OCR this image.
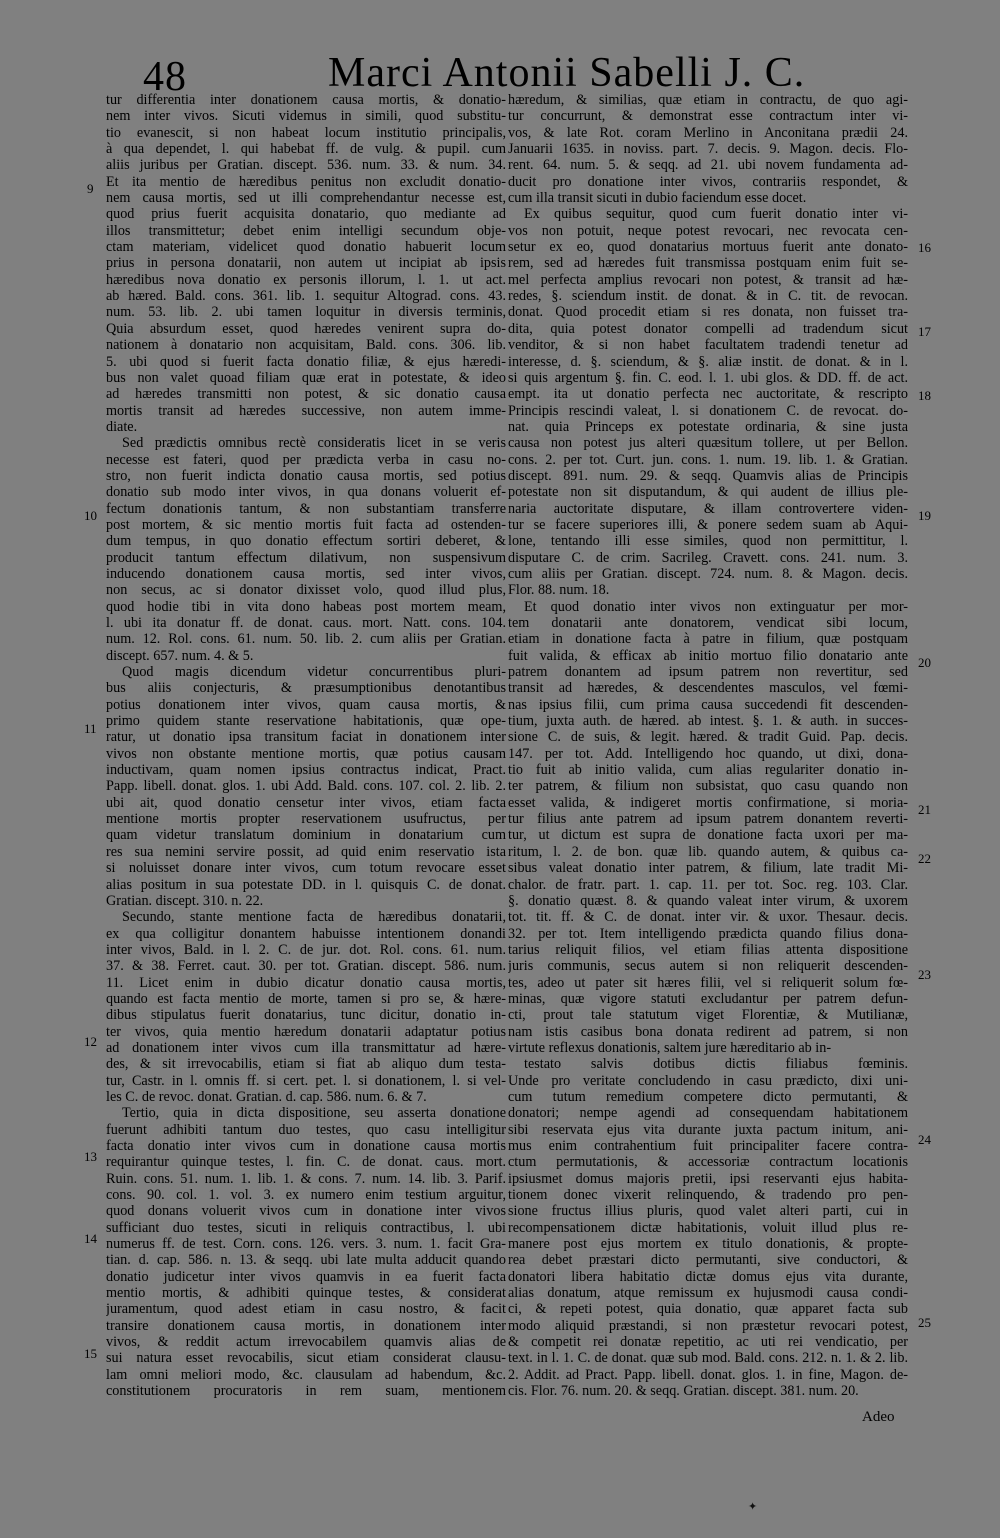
48	Marci Antonii Sabelli J. C.
tur differentia inter donationem causa mortis, & donatio-
nem inter vivos. Sicuti videmus in simili, quod substitu-
tio evanescit, si non habeat locum institutio principalis,
à qua dependet, l. qui habebat ff. de vulg. & pupil. cum
aliis juribus per Gratian. discept. 536. num. 33. & num. 34.
Et ita mentio de hæredibus penitus non excludit donatio-
nem causa mortis, sed ut illi comprehendantur necesse est,
quod prius fuerit acquisita donatario, quo mediante ad
illos transmittetur; debet enim intelligi secundum obje-
ctam materiam, videlicet quod donatio habuerit locum
prius in persona donatarii, non autem ut incipiat ab ipsis
hæredibus nova donatio ex personis illorum, l. 1. ut act.
ab hæred. Bald. cons. 361. lib. 1. sequitur Altograd. cons. 43.
num. 53. lib. 2. ubi tamen loquitur in diversis terminis,
Quia absurdum esset, quod hæredes venirent supra do-
nationem à donatario non acquisitam, Bald. cons. 306. lib.
5. ubi quod si fuerit facta donatio filiæ, & ejus hæredi-
bus non valet quoad filiam quæ erat in potestate, & ideo
ad hæredes transmitti non potest, & sic donatio causa
mortis transit ad hæredes successive, non autem imme-
diate.
Sed prædictis omnibus rectè consideratis licet in se veris
necesse est fateri, quod per prædicta verba in casu no-
stro, non fuerit indicta donatio causa mortis, sed potius
donatio sub modo inter vivos, in qua donans voluerit ef-
fectum donationis tantum, & non substantiam transferre
post mortem, & sic mentio mortis fuit facta ad ostenden-
dum tempus, in quo donatio effectum sortiri deberet, &
producit tantum effectum dilativum, non suspensivum
inducendo donationem causa mortis, sed inter vivos,
non secus, ac si donator dixisset volo, quod illud plus,
quod hodie tibi in vita dono habeas post mortem meam,
l. ubi ita donatur ff. de donat. caus. mort. Natt. cons. 104.
num. 12. Rol. cons. 61. num. 50. lib. 2. cum aliis per Gratian.
discept. 657. num. 4. & 5.
Quod magis dicendum videtur concurrentibus pluri-
bus aliis conjecturis, & præsumptionibus denotantibus
potius donationem inter vivos, quam causa mortis, &
primo quidem stante reservatione habitationis, quæ ope-
ratur, ut donatio ipsa transitum faciat in donationem inter
vivos non obstante mentione mortis, quæ potius causam
inductivam, quam nomen ipsius contractus indicat, Pract.
Papp. libell. donat. glos. 1. ubi Add. Bald. cons. 107. col. 2. lib. 2.
ubi ait, quod donatio censetur inter vivos, etiam facta
mentione mortis propter reservationem usufructus, per
quam videtur translatum dominium in donatarium cum
res sua nemini servire possit, ad quid enim reservatio ista
si noluisset donare inter vivos, cum totum revocare esset
alias positum in sua potestate DD. in l. quisquis C. de donat.
Gratian. discept. 310. n. 22.
Secundo, stante mentione facta de hæredibus donatarii,
ex qua colligitur donantem habuisse intentionem donandi
inter vivos, Bald. in l. 2. C. de jur. dot. Rol. cons. 61. num.
37. & 38. Ferret. caut. 30. per tot. Gratian. discept. 586. num.
11. Licet enim in dubio dicatur donatio causa mortis,
quando est facta mentio de morte, tamen si pro se, & hære-
dibus stipulatus fuerit donatarius, tunc dicitur, donatio in-
ter vivos, quia mentio hæredum donatarii adaptatur potius
ad donationem inter vivos cum illa transmittatur ad hære-
des, & sit irrevocabilis, etiam si fiat ab aliquo dum testa-
tur, Castr. in l. omnis ff. si cert. pet. l. si donationem, l. si vel-
les C. de revoc. donat. Gratian. d. cap. 586. num. 6. & 7.
Tertio, quia in dicta dispositione, seu asserta donatione
fuerunt adhibiti tantum duo testes, quo casu intelligitur
facta donatio inter vivos cum in donatione causa mortis
requirantur quinque testes, l. fin. C. de donat. caus. mort.
Ruin. cons. 51. num. 1. lib. 1. & cons. 7. num. 14. lib. 3. Parif.
cons. 90. col. 1. vol. 3. ex numero enim testium arguitur,
quod donans voluerit vivos cum in donatione inter vivos
sufficiant duo testes, sicuti in reliquis contractibus, l. ubi
numerus ff. de test. Corn. cons. 126. vers. 3. num. 1. facit Gra-
tian. d. cap. 586. n. 13. & seqq. ubi late multa adducit quando
donatio judicetur inter vivos quamvis in ea fuerit facta
mentio mortis, & adhibiti quinque testes, & considerat
juramentum, quod adest etiam in casu nostro, & facit
transire donationem causa mortis, in donationem inter
vivos, & reddit actum irrevocabilem quamvis alias de
sui natura esset revocabilis, sicut etiam considerat clausu-
lam omni meliori modo, &c. clausulam ad habendum, &c.
constitutionem procuratoris in rem suam, mentionem
hæredum, & similias, quæ etiam in contractu, de quo agi-
tur concurrunt, & demonstrat esse contractum inter vi-
vos, & late Rot. coram Merlino in Anconitana prædii 24.
Januarii 1635. in noviss. part. 7. decis. 9. Magon. decis. Flo-
rent. 64. num. 5. & seqq. ad 21. ubi novem fundamenta ad-
ducit pro donatione inter vivos, contrariis respondet, &
cum illa transit sicuti in dubio faciendum esse docet.
Ex quibus sequitur, quod cum fuerit donatio inter vi-
vos non potuit, neque potest revocari, nec revocata cen-
setur ex eo, quod donatarius mortuus fuerit ante donato-
rem, sed ad hæredes fuit transmissa postquam enim fuit se-
mel perfecta amplius revocari non potest, & transit ad hæ-
redes, §. sciendum instit. de donat. & in C. tit. de revocan.
donat. Quod procedit etiam si res donata, non fuisset tra-
dita, quia potest donator compelli ad tradendum sicut
venditor, & si non habet facultatem tradendi tenetur ad
interesse, d. §. sciendum, & §. aliæ instit. de donat. & in l.
si quis argentum §. fin. C. eod. l. 1. ubi glos. & DD. ff. de act.
empt. ita ut donatio perfecta nec auctoritate, & rescripto
Principis rescindi valeat, l. si donationem C. de revocat. do-
nat. quia Princeps ex potestate ordinaria, & sine justa
causa non potest jus alteri quæsitum tollere, ut per Bellon.
cons. 2. per tot. Curt. jun. cons. 1. num. 19. lib. 1. & Gratian.
discept. 891. num. 29. & seqq. Quamvis alias de Principis
potestate non sit disputandum, & qui audent de illius ple-
naria auctoritate disputare, & illam controvertere viden-
tur se facere superiores illi, & ponere sedem suam ab Aqui-
lone, tentando illi esse similes, quod non permittitur, l.
disputare C. de crim. Sacrileg. Cravett. cons. 241. num. 3.
cum aliis per Gratian. discept. 724. num. 8. & Magon. decis.
Flor. 88. num. 18.
Et quod donatio inter vivos non extinguatur per mor-
tem donatarii ante donatorem, vendicat sibi locum,
etiam in donatione facta à patre in filium, quæ postquam
fuit valida, & efficax ab initio mortuo filio donatario ante
patrem donantem ad ipsum patrem non revertitur, sed
transit ad hæredes, & descendentes masculos, vel fœmi-
nas ipsius filii, cum prima causa succedendi fit descenden-
tium, juxta auth. de hæred. ab intest. §. 1. & auth. in succes-
sione C. de suis, & legit. hæred. & tradit Guid. Pap. decis.
147. per tot. Add. Intelligendo hoc quando, ut dixi, dona-
tio fuit ab initio valida, cum alias regulariter donatio in-
ter patrem, & filium non subsistat, quo casu quando non
esset valida, & indigeret mortis confirmatione, si moria-
tur filius ante patrem ad ipsum patrem donantem reverti-
tur, ut dictum est supra de donatione facta uxori per ma-
ritum, l. 2. de bon. quæ lib. quando autem, & quibus ca-
sibus valeat donatio inter patrem, & filium, late tradit Mi-
chalor. de fratr. part. 1. cap. 11. per tot. Soc. reg. 103. Clar.
§. donatio quæst. 8. & quando valeat inter virum, & uxorem
tot. tit. ff. & C. de donat. inter vir. & uxor. Thesaur. decis.
32. per tot. Item intelligendo prædicta quando filius dona-
tarius reliquit filios, vel etiam filias attenta dispositione
juris communis, secus autem si non reliquerit descenden-
tes, adeo ut pater sit hæres filii, vel si reliquerit solum fœ-
minas, quæ vigore statuti excludantur per patrem defun-
cti, prout tale statutum viget Florentiæ, & Mutilianæ,
nam istis casibus bona donata redirent ad patrem, si non
virtute reflexus donationis, saltem jure hæreditario ab in-
testato salvis dotibus dictis filiabus fœminis.
Unde pro veritate concludendo in casu prædicto, dixi uni-
cum tutum remedium competere dicto permutanti, &
donatori; nempe agendi ad consequendam habitationem
sibi reservata ejus vita durante juxta pactum initum, ani-
mus enim contrahentium fuit principaliter facere contra-
ctum permutationis, & accessoriæ contractum locationis
ipsiusmet domus majoris pretii, ipsi reservanti ejus habita-
tionem donec vixerit relinquendo, & tradendo pro pen-
sione fructus illius pluris, quod valet alteri parti, cui in
recompensationem dictæ habitationis, voluit illud plus re-
manere post ejus mortem ex titulo donationis, & propte-
rea debet præstari dicto permutanti, sive conductori, &
donatori libera habitatio dictæ domus ejus vita durante,
alias donatum, atque remissum ex hujusmodi causa condi-
ci, & repeti potest, quia donatio, quæ apparet facta sub
modo aliquid præstandi, si non præstetur revocari potest,
& competit rei donatæ repetitio, ac uti rei vendicatio, per
text. in l. 1. C. de donat. quæ sub mod. Bald. cons. 212. n. 1. & 2. lib.
2. Addit. ad Pract. Papp. libell. donat. glos. 1. in fine, Magon. de-
cis. Flor. 76. num. 20. & seqq. Gratian. discept. 381. num. 20.
9
10
11
12
13
14
15
16
17
18
19
20
21
22
23
24
25
Adeo
✦
